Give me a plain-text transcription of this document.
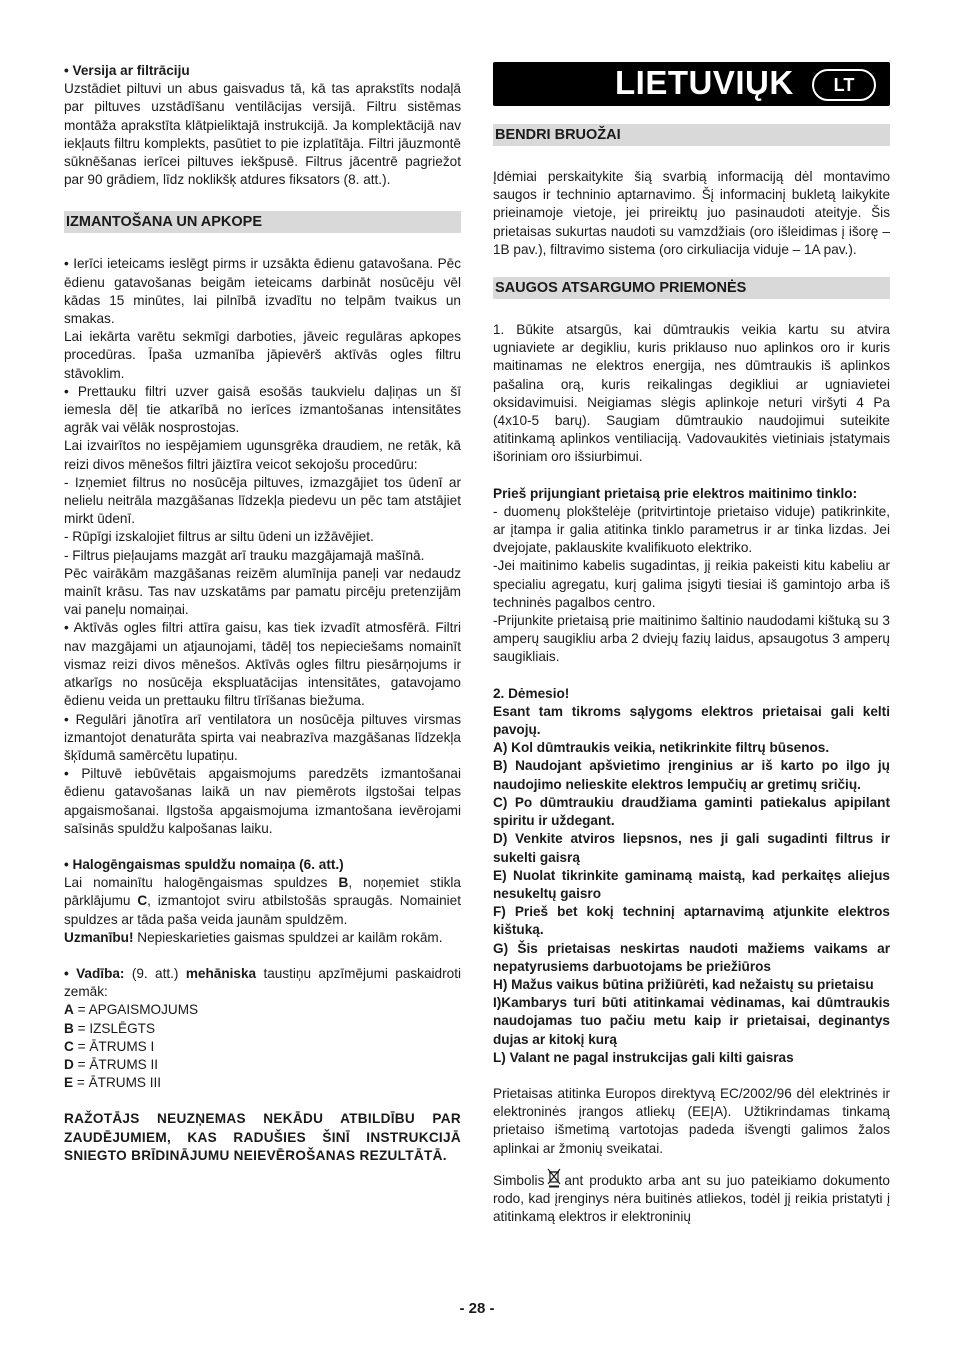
• Versija ar filtrāciju

Uzstādiet piltuvi un abus gaisvadus tā, kā tas aprakstīts nodaļā par piltuves uzstādīšanu ventilācijas versijā. Filtru sistēmas montāža aprakstīta klātpieliktajā instrukcijā. Ja komplektācijā nav iekļauts filtru komplekts, pasūtiet to pie izplatītāja. Filtri jāuzmontē sūknēšanas ierīcei piltuves iekšpusē. Filtrus jācentrē pagriežot par 90 grādiem, līdz noklikšķ atdures fiksators (8. att.).

IZMANTOŠANA UN APKOPE

• Ierīci ieteicams ieslēgt pirms ir uzsākta ēdienu gatavošana. Pēc ēdienu gatavošanas beigām ieteicams darbināt nosūcēju vēl kādas 15 minūtes, lai pilnībā izvadītu no telpām tvaikus un smakas.

Lai iekārta varētu sekmīgi darboties, jāveic regulāras apkopes procedūras. Īpaša uzmanība jāpievērš aktīvās ogles filtru stāvoklim.

• Prettauku filtri uzver gaisā esošās taukvielu daļiņas un šī iemesla dēļ tie atkarībā no ierīces izmantošanas intensitātes agrāk vai vēlāk nosprostojas.

Lai izvairītos no iespējamiem ugunsgrēka draudiem, ne retāk, kā reizi divos mēnešos filtri jāiztīra veicot sekojošu procedūru:

- Izņemiet filtrus no nosūcēja piltuves, izmazgājiet tos ūdenī ar nelielu neitrāla mazgāšanas līdzekļa piedevu un pēc tam atstājiet mirkt ūdenī.

- Rūpīgi izskalojiet filtrus ar siltu ūdeni un izžāvējiet.

- Filtrus pieļaujams mazgāt arī trauku mazgājamajā mašīnā.

Pēc vairākām mazgāšanas reizēm alumīnija paneļi var nedaudz mainīt krāsu. Tas nav uzskatāms par pamatu pircēju pretenzijām vai paneļu nomaiņai.

• Aktīvās ogles filtri attīra gaisu, kas tiek izvadīt atmosfērā. Filtri nav mazgājami un atjaunojami, tādēļ tos nepieciešams nomainīt vismaz reizi divos mēnešos. Aktīvās ogles filtru piesārņojums ir atkarīgs no nosūcēja ekspluatācijas intensitātes, gatavojamo ēdienu veida un prettauku filtru tīrīšanas biežuma.

• Regulāri jānotīra arī ventilatora un nosūcēja piltuves virsmas izmantojot denaturāta spirta vai neabrazīva mazgāšanas līdzekļa šķīdumā samērcētu lupatiņu.

• Piltuvē iebūvētais apgaismojums paredzēts izmantošanai ēdienu gatavošanas laikā un nav piemērots ilgstošai telpas apgaismošanai. Ilgstoša apgaismojuma izmantošana ievērojami saīsinās spuldžu kalpošanas laiku.

• Halogēngaismas spuldžu nomaiņa (6. att.)

Lai nomainītu halogēngaismas spuldzes B, noņemiet stikla pārklājumu C, izmantojot sviru atbilstošās spraugās. Nomainiet spuldzes ar tāda paša veida jaunām spuldzēm.

Uzmanību! Nepieskarieties gaismas spuldzei ar kailām rokām.

• Vadība: (9. att.) mehāniska taustiņu apzīmējumi paskaidroti zemāk:

A = APGAISMOJUMS

B = IZSLĒGTS

C = ĀTRUMS I

D = ĀTRUMS II

E = ĀTRUMS III

RAŽOTĀJS NEUZŅEMAS NEKĀDU ATBILDĪBU PAR ZAUDĒJUMIEM, KAS RADUŠIES ŠINĪ INSTRUKCIJĀ SNIEGTO BRĪDINĀJUMU NEIEVĒROŠANAS REZULTĀTĀ.

LIETUVIŲK	LT
BENDRI BRUOŽAI

Įdėmiai perskaitykite šią svarbią informaciją dėl montavimo saugos ir techninio aptarnavimo. Šį informacinį bukletą laikykite prieinamoje vietoje, jei prireiktų juo pasinaudoti ateityje. Šis prietaisas sukurtas naudoti su vamzdžiais (oro išleidimas į išorę – 1B pav.), filtravimo sistema (oro cirkuliacija viduje – 1A pav.).

SAUGOS ATSARGUMO PRIEMONĖS

1. Būkite atsargūs, kai dūmtraukis veikia kartu su atvira ugniaviete ar degikliu, kuris priklauso nuo aplinkos oro ir kuris maitinamas ne elektros energija, nes dūmtraukis iš aplinkos pašalina orą, kuris reikalingas degikliui ar ugniavietei oksidavimuisi. Neigiamas slėgis aplinkoje neturi viršyti 4 Pa (4x10-5 barų). Saugiam dūmtraukio naudojimui suteikite atitinkamą aplinkos ventiliaciją. Vadovaukitės vietiniais įstatymais išoriniam oro išsiurbimui.

Prieš prijungiant prietaisą prie elektros maitinimo tinklo:

- duomenų plokštelėje (pritvirtintoje prietaiso viduje) patikrinkite, ar įtampa ir galia atitinka tinklo parametrus ir ar tinka lizdas. Jei dvejojate, paklauskite kvalifikuoto elektriko.

-Jei maitinimo kabelis sugadintas, jį reikia pakeisti kitu kabeliu ar specialiu agregatu, kurį galima įsigyti tiesiai iš gamintojo arba iš techninės pagalbos centro.

-Prijunkite prietaisą prie maitinimo šaltinio naudodami kištuką su 3 amperų saugikliu arba 2 dviejų fazių laidus, apsaugotus 3 amperų saugikliais.

2. Dėmesio!

Esant tam tikroms sąlygoms elektros prietaisai gali kelti pavojų.

A) Kol dūmtraukis veikia, netikrinkite filtrų būsenos.

B) Naudojant apšvietimo įrenginius ar iš karto po ilgo jų naudojimo nelieskite elektros lempučių ar gretimų sričių.

C) Po dūmtraukiu draudžiama gaminti patiekalus apipilant spiritu ir uždegant.

D) Venkite atviros liepsnos, nes ji gali sugadinti filtrus ir sukelti gaisrą

E) Nuolat tikrinkite gaminamą maistą, kad perkaitęs aliejus nesukeltų gaisro

F) Prieš bet kokį techninį aptarnavimą atjunkite elektros kištuką.

G) Šis prietaisas neskirtas naudoti mažiems vaikams ar nepatyrusiems darbuotojams be priežiūros

H) Mažus vaikus būtina prižiūrėti, kad nežaistų su prietaisu

I)Kambarys turi būti atitinkamai vėdinamas, kai dūmtraukis naudojamas tuo pačiu metu kaip ir prietaisai, deginantys dujas ar kitokį kurą

L) Valant ne pagal instrukcijas gali kilti gaisras

Prietaisas atitinka Europos direktyvą EC/2002/96 dėl elektrinės ir elektroninės įrangos atliekų (EEĮA). Užtikrindamas tinkamą prietaiso išmetimą vartotojas padeda išvengti galimos žalos aplinkai ar žmonių sveikatai.

Simbolis ant produkto arba ant su juo pateikiamo dokumento rodo, kad įrenginys nėra buitinės atliekos, todėl jį reikia pristatyti į atitinkamą elektros ir elektroninių

- 28 -
